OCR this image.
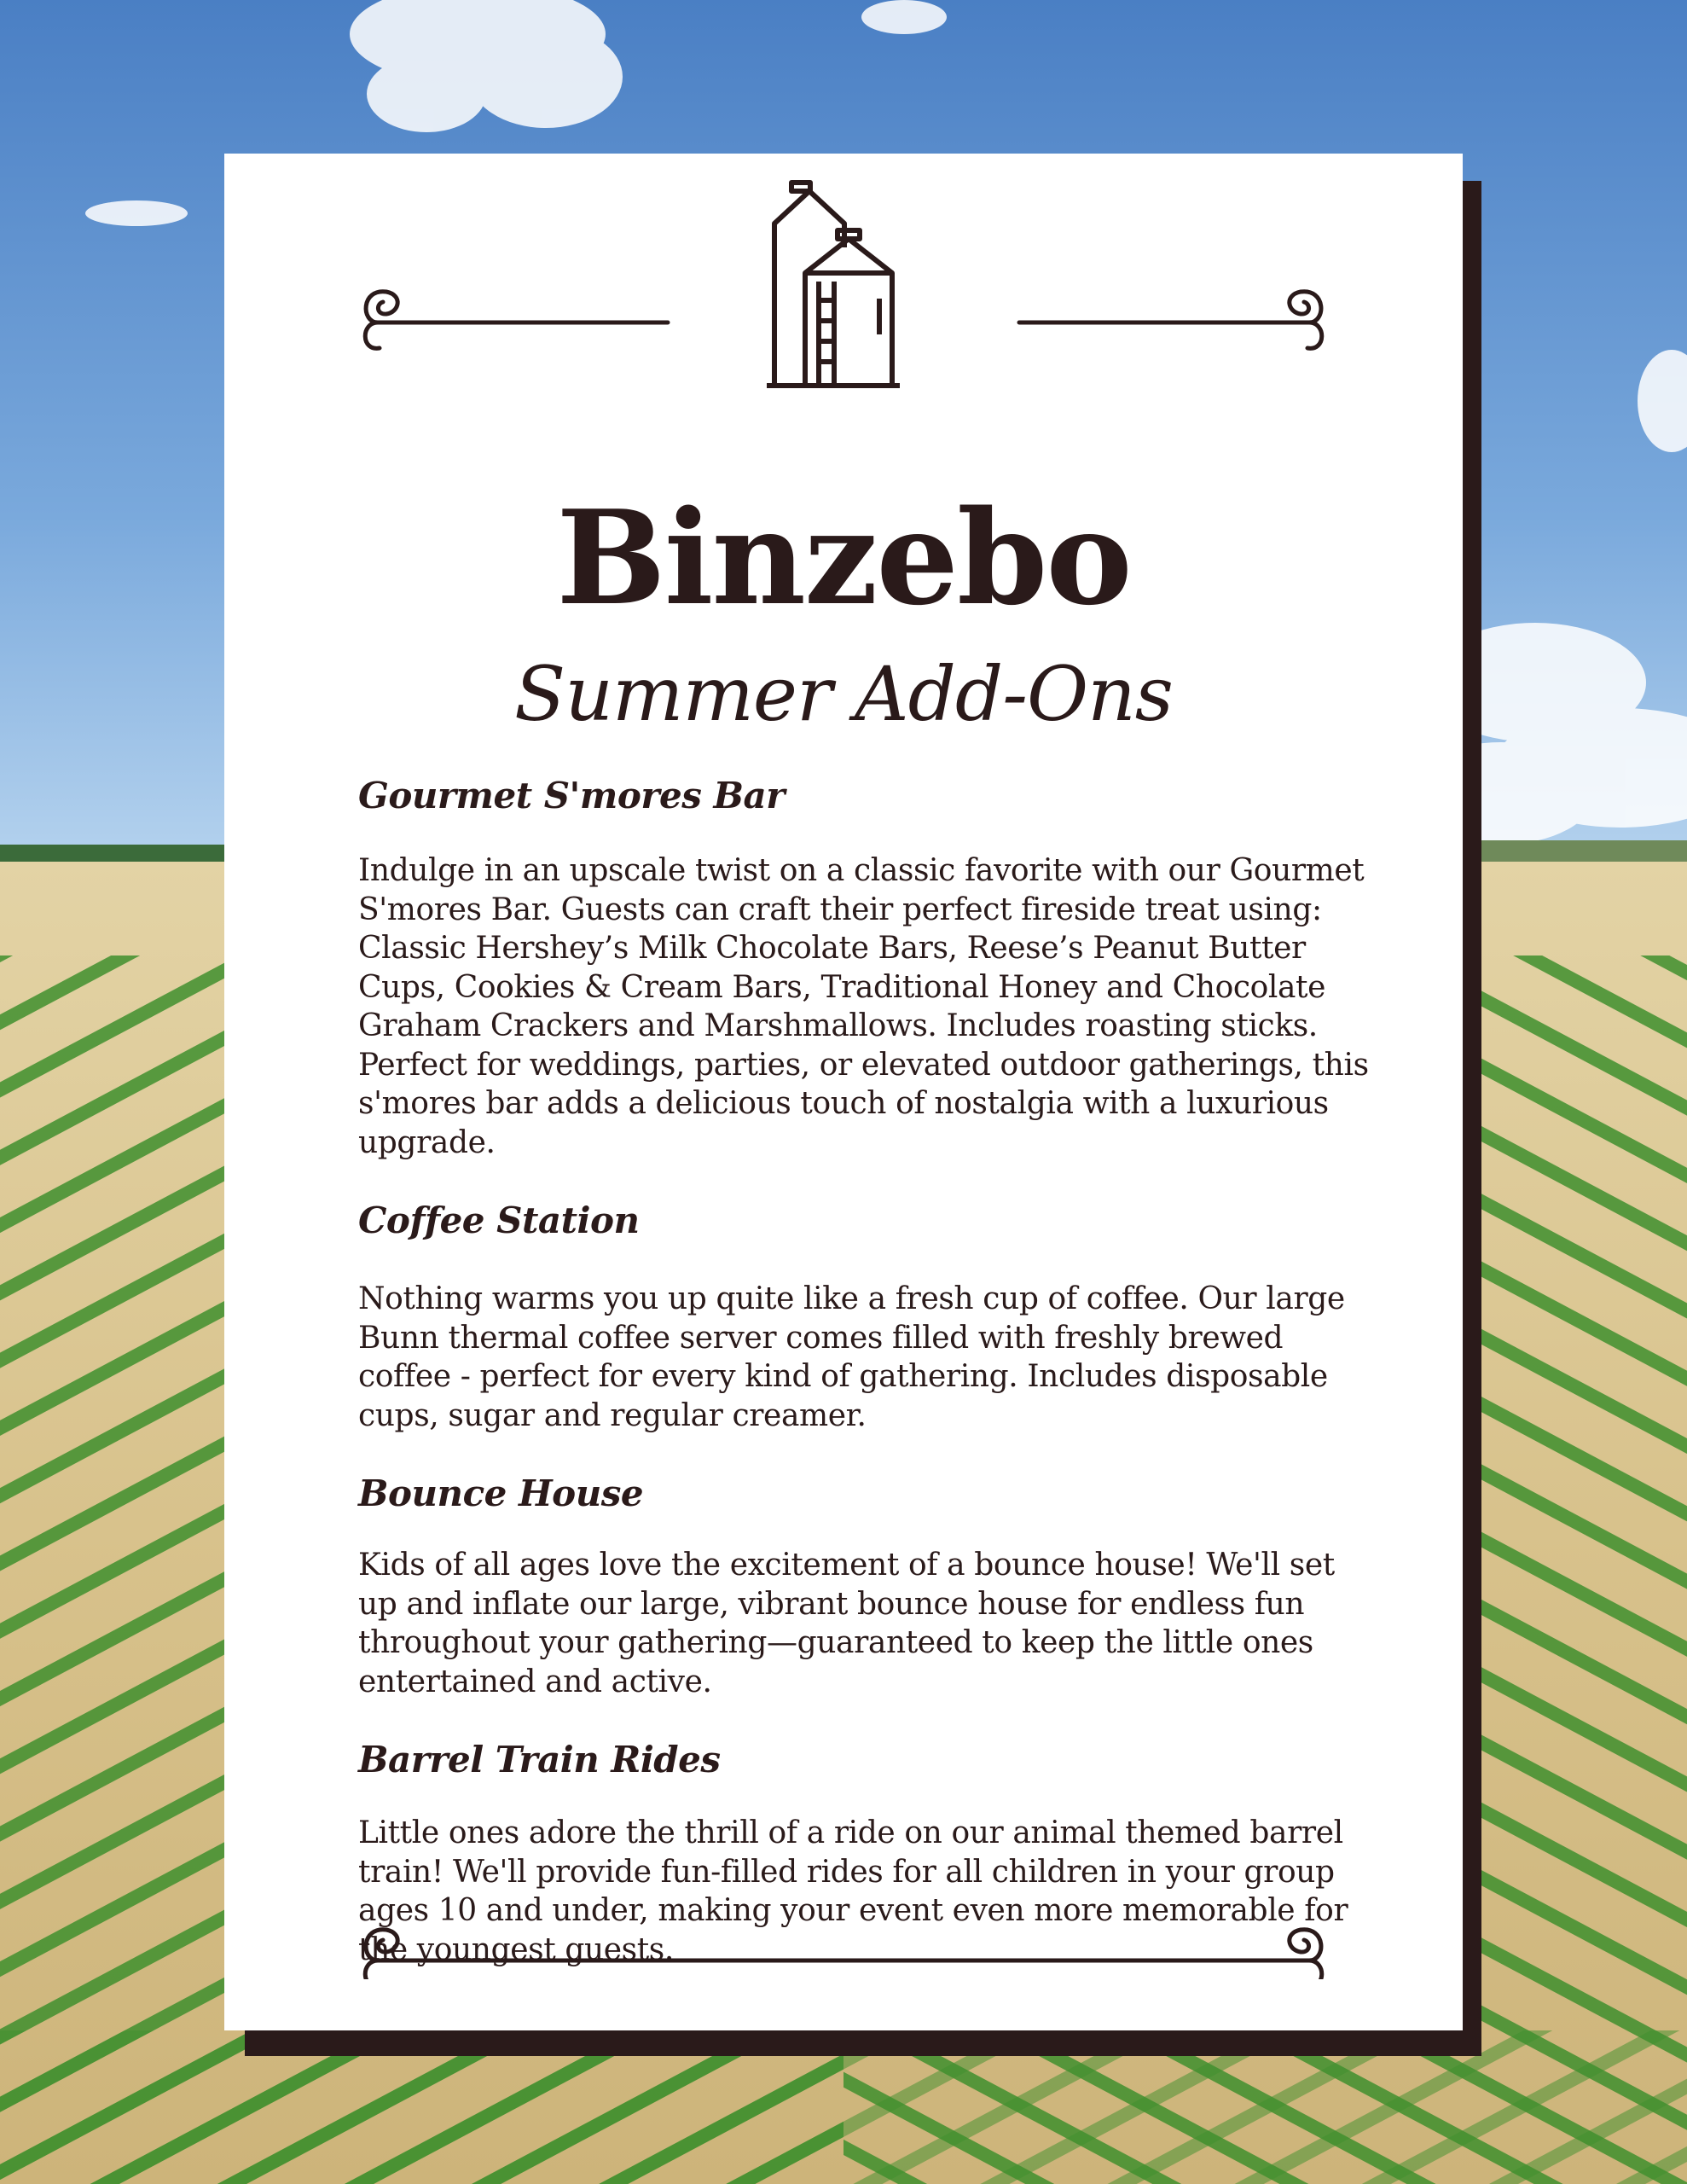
Binzebo
Summer Add-Ons
Gourmet S'mores Bar

Indulge in an upscale twist on a classic favorite with our Gourmet S'mores Bar. Guests can craft their perfect fireside treat using: Classic Hershey’s Milk Chocolate Bars, Reese’s Peanut Butter Cups, Cookies & Cream Bars, Traditional Honey and Chocolate Graham Crackers and Marshmallows. Includes roasting sticks. Perfect for weddings, parties, or elevated outdoor gatherings, this s'mores bar adds a delicious touch of nostalgia with a luxurious upgrade.

Coffee Station

Nothing warms you up quite like a fresh cup of coffee. Our large Bunn thermal coffee server comes filled with freshly brewed coffee - perfect for every kind of gathering. Includes disposable cups, sugar and regular creamer.

Bounce House

Kids of all ages love the excitement of a bounce house! We'll set up and inflate our large, vibrant bounce house for endless fun throughout your gathering—guaranteed to keep the little ones entertained and active.

Barrel Train Rides

Little ones adore the thrill of a ride on our animal themed barrel train! We'll provide fun-filled rides for all children in your group ages 10 and under, making your event even more memorable for the youngest guests.
